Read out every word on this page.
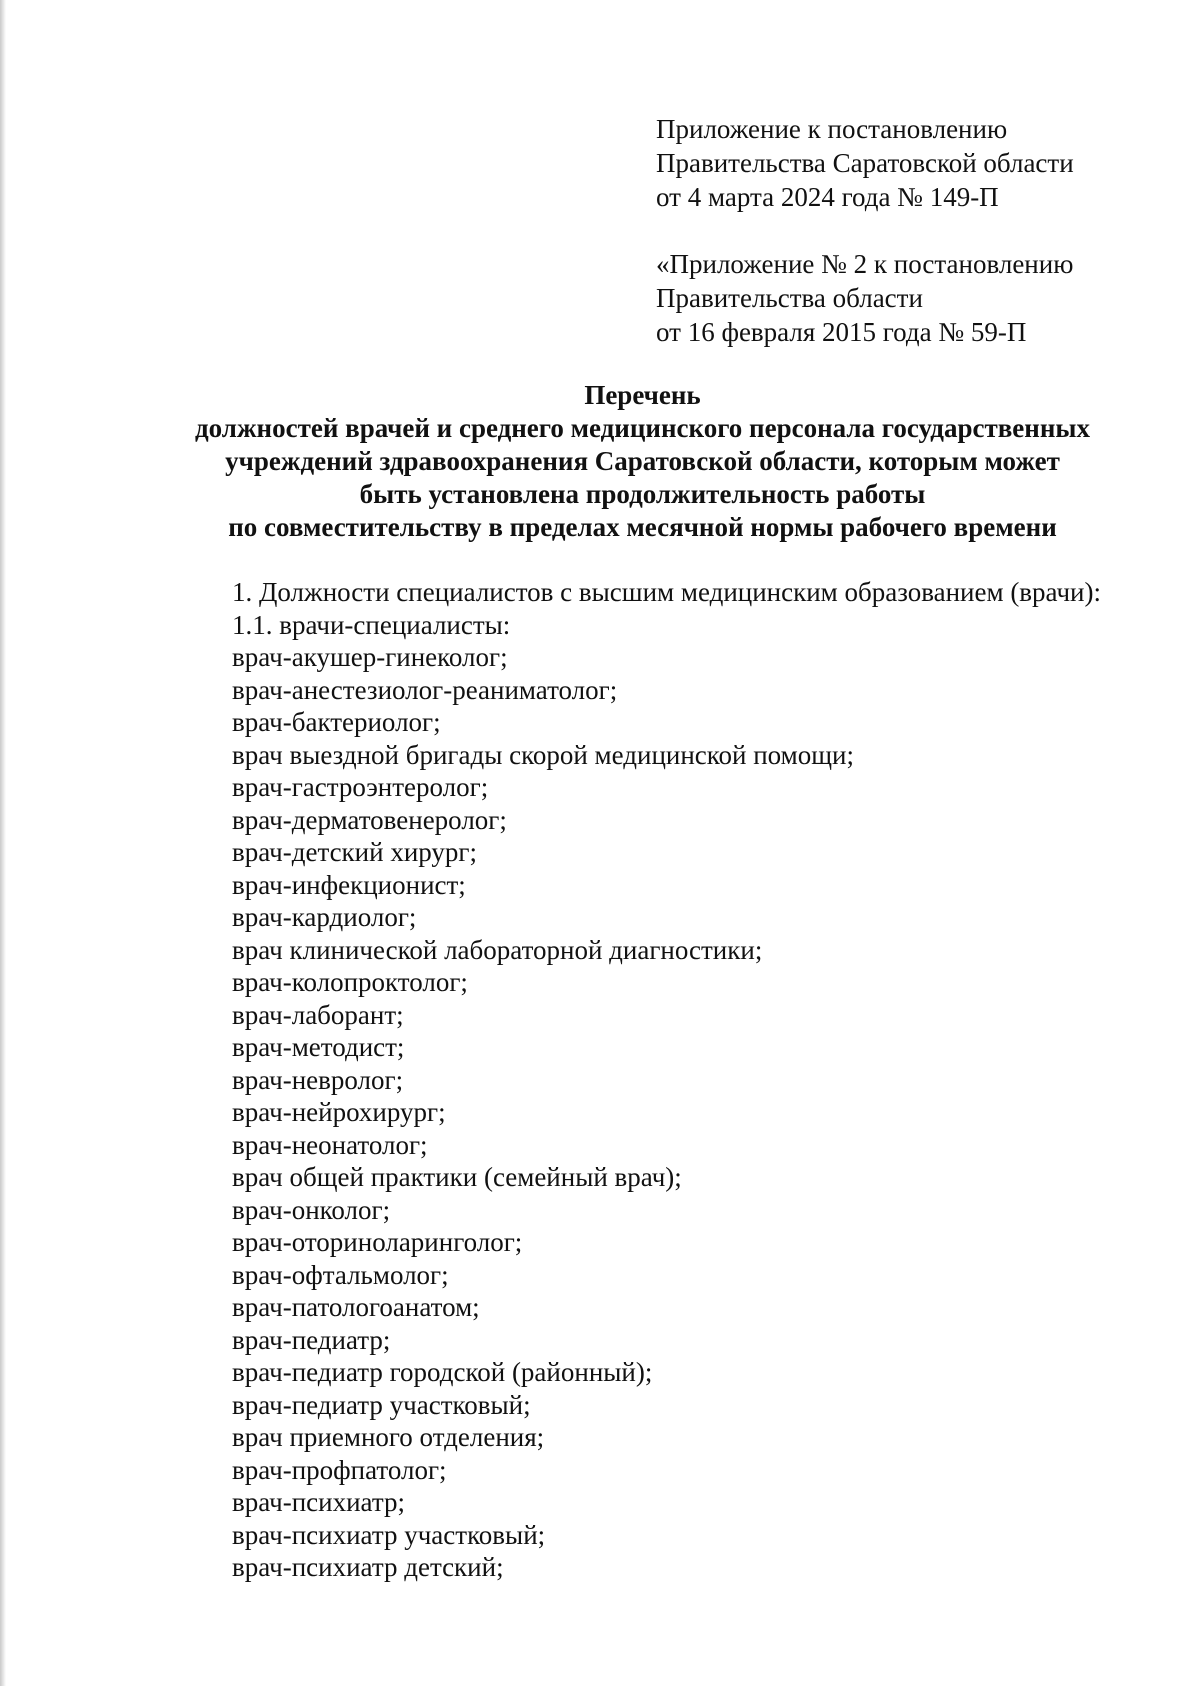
Приложение к постановлению
Правительства Саратовской области
от 4 марта 2024 года № 149-П
«Приложение № 2 к постановлению
Правительства области
от 16 февраля 2015 года № 59-П
Перечень
должностей врачей и среднего медицинского персонала государственных
учреждений здравоохранения Саратовской области, которым может
быть установлена продолжительность работы
по совместительству в пределах месячной нормы рабочего времени
1. Должности специалистов с высшим медицинским образованием (врачи):
1.1. врачи-специалисты:
врач-акушер-гинеколог;
врач-анестезиолог-реаниматолог;
врач-бактериолог;
врач выездной бригады скорой медицинской помощи;
врач-гастроэнтеролог;
врач-дерматовенеролог;
врач-детский хирург;
врач-инфекционист;
врач-кардиолог;
врач клинической лабораторной диагностики;
врач-колопроктолог;
врач-лаборант;
врач-методист;
врач-невролог;
врач-нейрохирург;
врач-неонатолог;
врач общей практики (семейный врач);
врач-онколог;
врач-оториноларинголог;
врач-офтальмолог;
врач-патологоанатом;
врач-педиатр;
врач-педиатр городской (районный);
врач-педиатр участковый;
врач приемного отделения;
врач-профпатолог;
врач-психиатр;
врач-психиатр участковый;
врач-психиатр детский;
